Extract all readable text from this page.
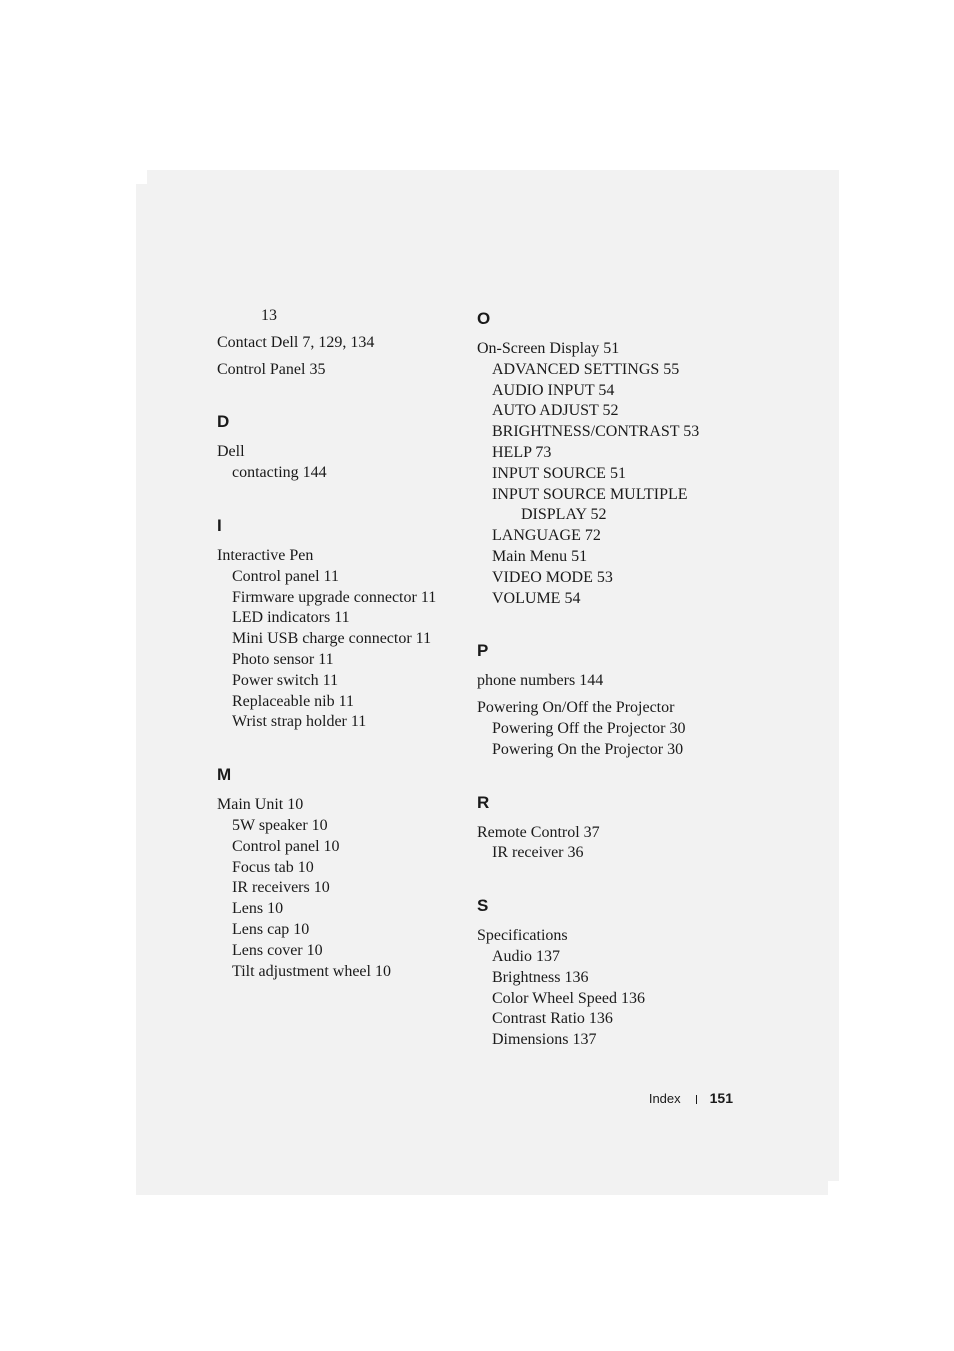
13
Contact Dell 7, 129, 134
Control Panel 35
D
Dell
contacting 144
I
Interactive Pen
Control panel 11
Firmware upgrade connector 11
LED indicators 11
Mini USB charge connector 11
Photo sensor 11
Power switch 11
Replaceable nib 11
Wrist strap holder 11
M
Main Unit 10
5W speaker 10
Control panel 10
Focus tab 10
IR receivers 10
Lens 10
Lens cap 10
Lens cover 10
Tilt adjustment wheel 10
O
On-Screen Display 51
ADVANCED SETTINGS 55
AUDIO INPUT 54
AUTO ADJUST 52
BRIGHTNESS/CONTRAST 53
HELP 73
INPUT SOURCE 51
INPUT SOURCE MULTIPLE
DISPLAY 52
LANGUAGE 72
Main Menu 51
VIDEO MODE 53
VOLUME 54
P
phone numbers 144
Powering On/Off the Projector
Powering Off the Projector 30
Powering On the Projector 30
R
Remote Control 37
IR receiver 36
S
Specifications
Audio 137
Brightness 136
Color Wheel Speed 136
Contrast Ratio 136
Dimensions 137
Index 151
